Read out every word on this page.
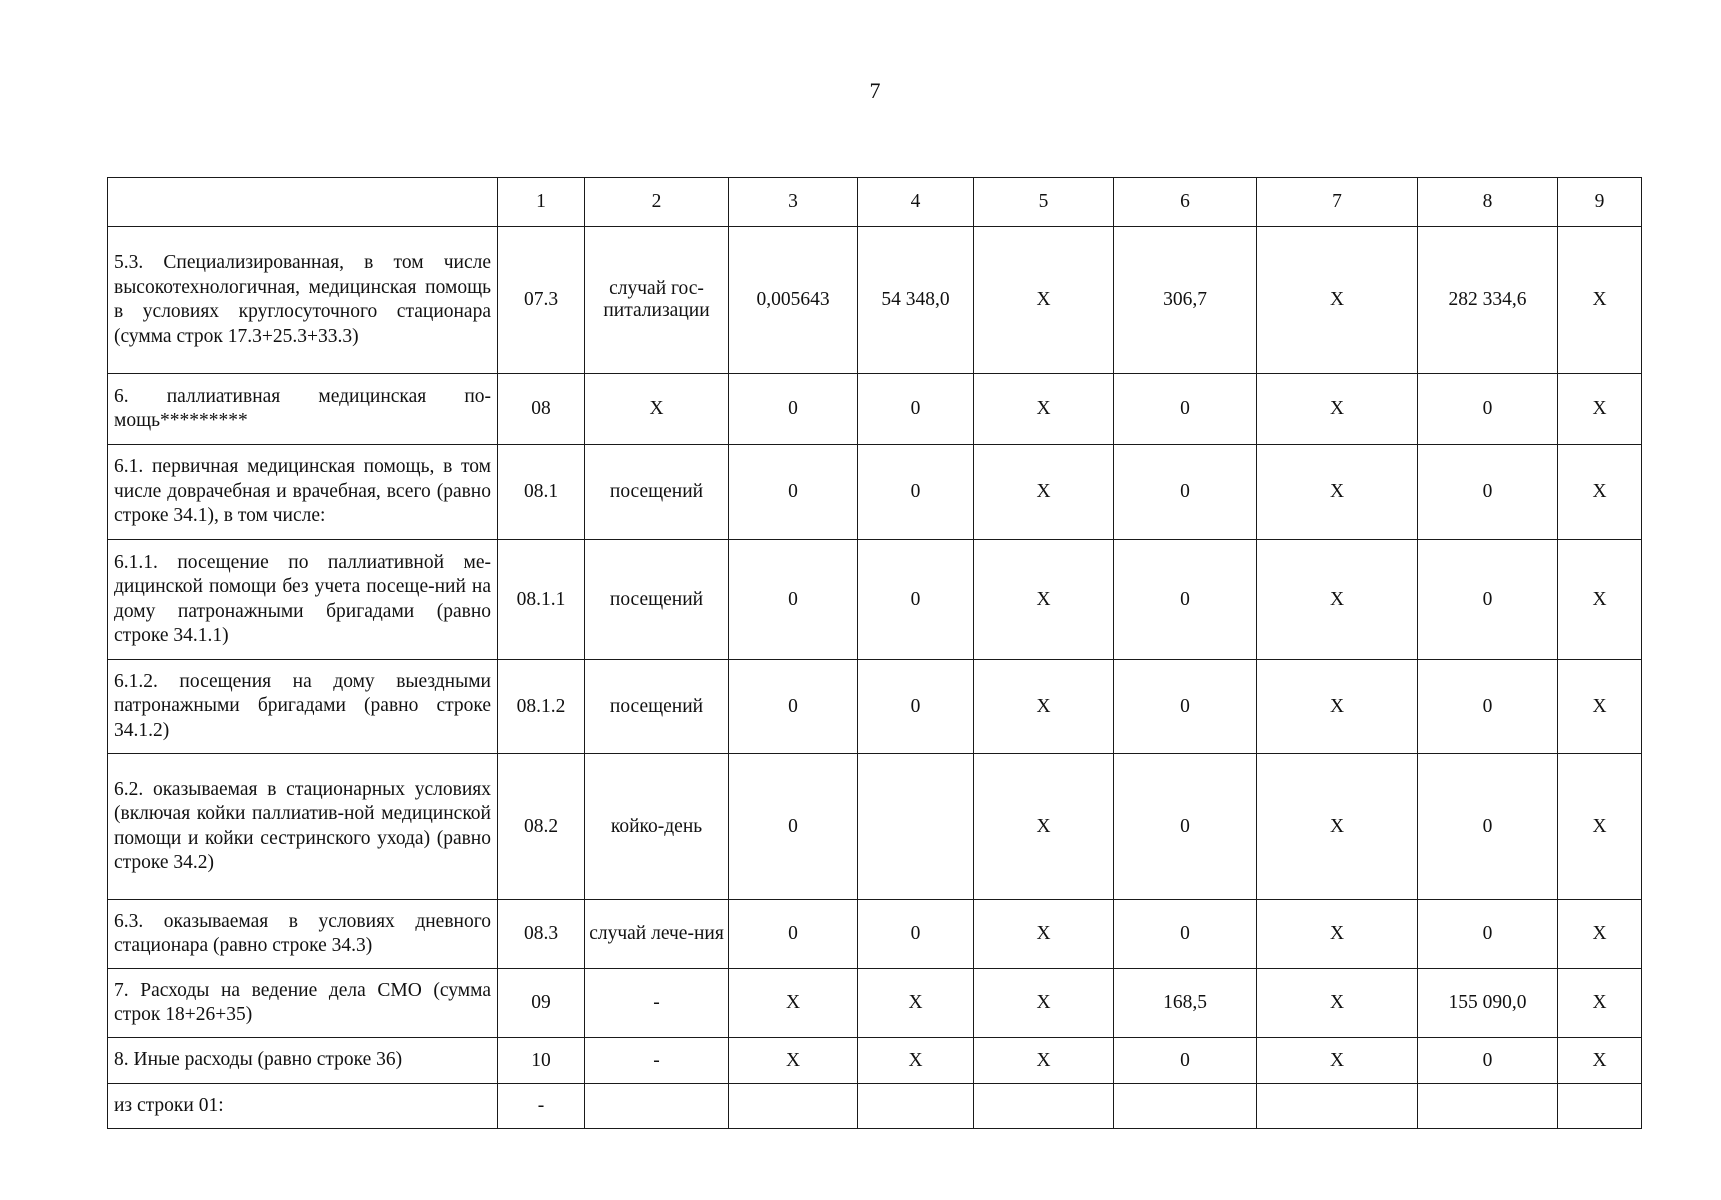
7
	1	2	3	4	5	6	7	8	9
5.3. Специализированная, в том числе высокотехнологичная, медицинская помощь в условиях круглосуточного стационара (сумма строк 17.3+25.3+33.3)	07.3	случай гос-питализации	0,005643	54 348,0	Х	306,7	Х	282 334,6	Х
6. паллиативная медицинская по-мощь*********	08	Х	0	0	Х	0	Х	0	Х
6.1. первичная медицинская помощь, в том числе доврачебная и врачебная, всего (равно строке 34.1), в том числе:	08.1	посещений	0	0	Х	0	Х	0	Х
6.1.1. посещение по паллиативной ме-дицинской помощи без учета посеще-ний на дому патронажными бригадами (равно строке 34.1.1)	08.1.1	посещений	0	0	Х	0	Х	0	Х
6.1.2. посещения на дому выездными патронажными бригадами (равно строке 34.1.2)	08.1.2	посещений	0	0	Х	0	Х	0	Х
6.2. оказываемая в стационарных условиях (включая койки паллиатив-ной медицинской помощи и койки сестринского ухода) (равно строке 34.2)	08.2	койко-день	0		Х	0	Х	0	Х
6.3. оказываемая в условиях дневного стационара (равно строке 34.3)	08.3	случай лече-ния	0	0	Х	0	Х	0	Х
7. Расходы на ведение дела СМО (сумма строк 18+26+35)	09	-	Х	Х	Х	168,5	Х	155 090,0	Х
8. Иные расходы (равно строке 36)	10	-	Х	Х	Х	0	Х	0	Х
из строки 01:	-								
